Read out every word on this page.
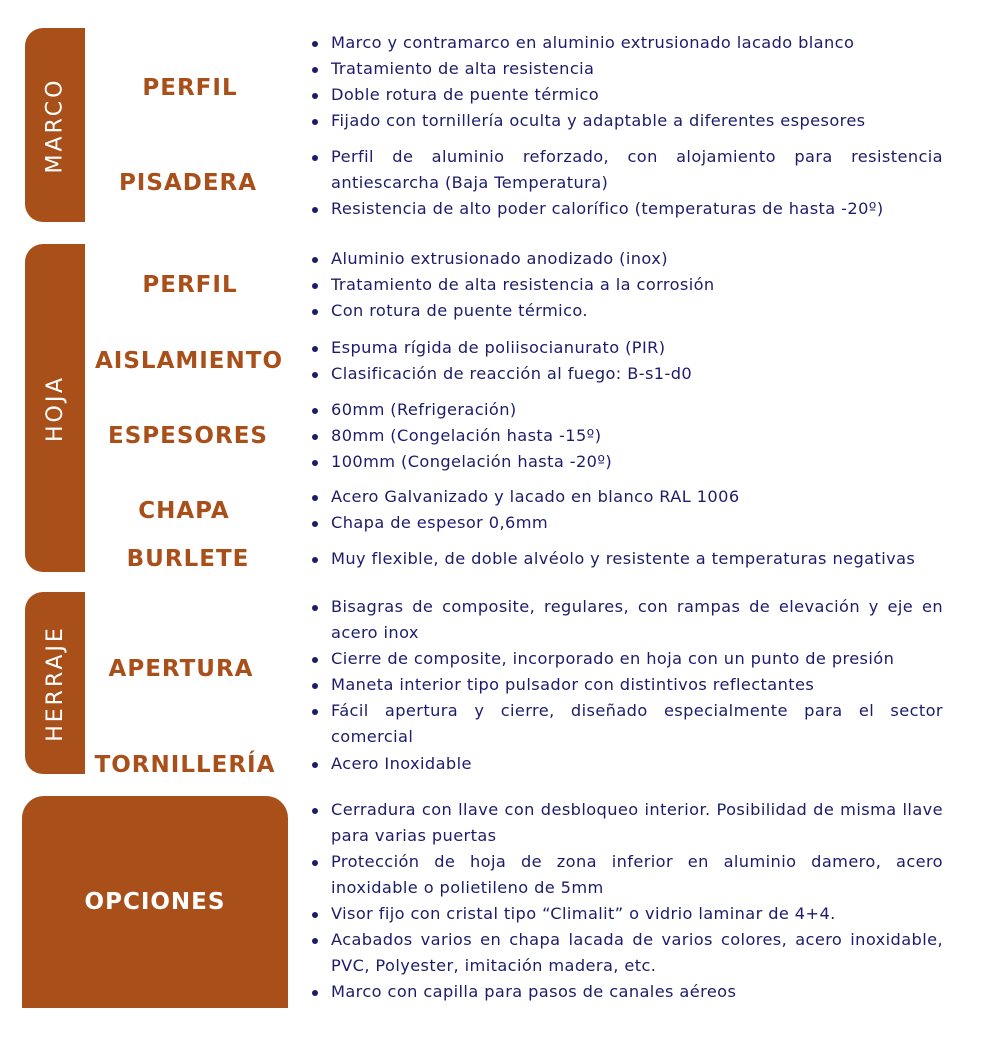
MARCO
HOJA
HERRAJE
OPCIONES
PERFIL
PISADERA
PERFIL
AISLAMIENTO
ESPESORES
CHAPA
BURLETE
APERTURA
TORNILLERÍA
Marco y contramarco en aluminio extrusionado lacado blanco
Tratamiento de alta resistencia
Doble rotura de puente térmico
Fijado con tornillería oculta y adaptable a diferentes espesores
Perfil de aluminio reforzado, con alojamiento para resistencia antiescarcha (Baja Temperatura)
Resistencia de alto poder calorífico (temperaturas de hasta -20º)
Aluminio extrusionado anodizado (inox)
Tratamiento de alta resistencia a la corrosión
Con rotura de puente térmico.
Espuma rígida de poliisocianurato (PIR)
Clasificación de reacción al fuego: B-s1-d0
60mm (Refrigeración)
80mm (Congelación hasta -15º)
100mm (Congelación hasta -20º)
Acero Galvanizado y lacado en blanco RAL 1006
Chapa de espesor 0,6mm
Muy flexible, de doble alvéolo y resistente a temperaturas negativas
Bisagras de composite, regulares, con rampas de elevación y eje en acero inox
Cierre de composite, incorporado en hoja con un punto de presión
Maneta interior tipo pulsador con distintivos reflectantes
Fácil apertura y cierre, diseñado especialmente para el sector comercial
Acero Inoxidable
Cerradura con llave con desbloqueo interior. Posibilidad de misma llave para varias puertas
Protección de hoja de zona inferior en aluminio damero, acero inoxidable o polietileno de 5mm
Visor fijo con cristal tipo “Climalit” o vidrio laminar de 4+4.
Acabados varios en chapa lacada de varios colores, acero inoxidable, PVC, Polyester, imitación madera, etc.
Marco con capilla para pasos de canales aéreos
